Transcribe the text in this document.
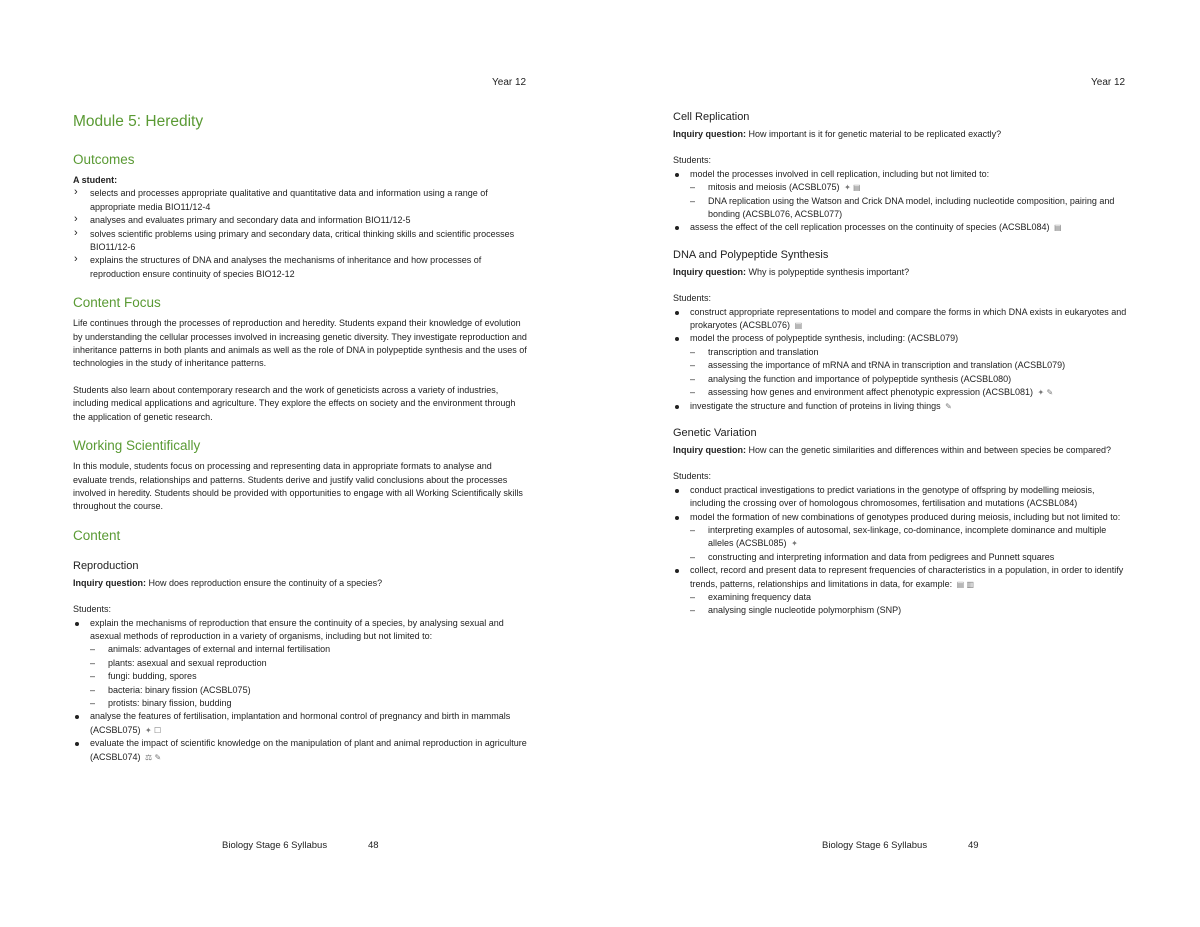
Year 12
Module 5: Heredity
Outcomes

A student:

› selects and processes appropriate qualitative and quantitative data and information using a range of appropriate media BIO11/12-4
› analyses and evaluates primary and secondary data and information BIO11/12-5
› solves scientific problems using primary and secondary data, critical thinking skills and scientific processes BIO11/12-6
› explains the structures of DNA and analyses the mechanisms of inheritance and how processes of reproduction ensure continuity of species BIO12-12
Content Focus

Life continues through the processes of reproduction and heredity. Students expand their knowledge of evolution by understanding the cellular processes involved in increasing genetic diversity. They investigate reproduction and inheritance patterns in both plants and animals as well as the role of DNA in polypeptide synthesis and the uses of technologies in the study of inheritance patterns.

Students also learn about contemporary research and the work of geneticists across a variety of industries, including medical applications and agriculture. They explore the effects on society and the environment through the application of genetic research.

Working Scientifically

In this module, students focus on processing and representing data in appropriate formats to analyse and evaluate trends, relationships and patterns. Students derive and justify valid conclusions about the processes involved in heredity. Students should be provided with opportunities to engage with all Working Scientifically skills throughout the course.

Content
Reproduction

Inquiry question: How does reproduction ensure the continuity of a species?

Students:

explain the mechanisms of reproduction that ensure the continuity of a species, by analysing sexual and asexual methods of reproduction in a variety of organisms, including but not limited to:
– animals: advantages of external and internal fertilisation
– plants: asexual and sexual reproduction
– fungi: budding, spores
– bacteria: binary fission (ACSBL075)
– protists: binary fission, budding
analyse the features of fertilisation, implantation and hormonal control of pregnancy and birth in mammals (ACSBL075) ✦ ☐
evaluate the impact of scientific knowledge on the manipulation of plant and animal reproduction in agriculture (ACSBL074) ⚖ ✎
Biology Stage 6 Syllabus	48
Year 12
Cell Replication

Inquiry question: How important is it for genetic material to be replicated exactly?

Students:

model the processes involved in cell replication, including but not limited to:
– mitosis and meiosis (ACSBL075) ✦ ▤
– DNA replication using the Watson and Crick DNA model, including nucleotide composition, pairing and bonding (ACSBL076, ACSBL077)
assess the effect of the cell replication processes on the continuity of species (ACSBL084) ▤
DNA and Polypeptide Synthesis

Inquiry question: Why is polypeptide synthesis important?

Students:

construct appropriate representations to model and compare the forms in which DNA exists in eukaryotes and prokaryotes (ACSBL076) ▤
model the process of polypeptide synthesis, including: (ACSBL079)
– transcription and translation
– assessing the importance of mRNA and tRNA in transcription and translation (ACSBL079)
– analysing the function and importance of polypeptide synthesis (ACSBL080)
– assessing how genes and environment affect phenotypic expression (ACSBL081) ✦ ✎
investigate the structure and function of proteins in living things ✎
Genetic Variation

Inquiry question: How can the genetic similarities and differences within and between species be compared?

Students:

conduct practical investigations to predict variations in the genotype of offspring by modelling meiosis, including the crossing over of homologous chromosomes, fertilisation and mutations (ACSBL084)
model the formation of new combinations of genotypes produced during meiosis, including but not limited to:
– interpreting examples of autosomal, sex-linkage, co-dominance, incomplete dominance and multiple alleles (ACSBL085) ✦
– constructing and interpreting information and data from pedigrees and Punnett squares
collect, record and present data to represent frequencies of characteristics in a population, in order to identify trends, patterns, relationships and limitations in data, for example: ▤ ▥
– examining frequency data
– analysing single nucleotide polymorphism (SNP)
Biology Stage 6 Syllabus	49
